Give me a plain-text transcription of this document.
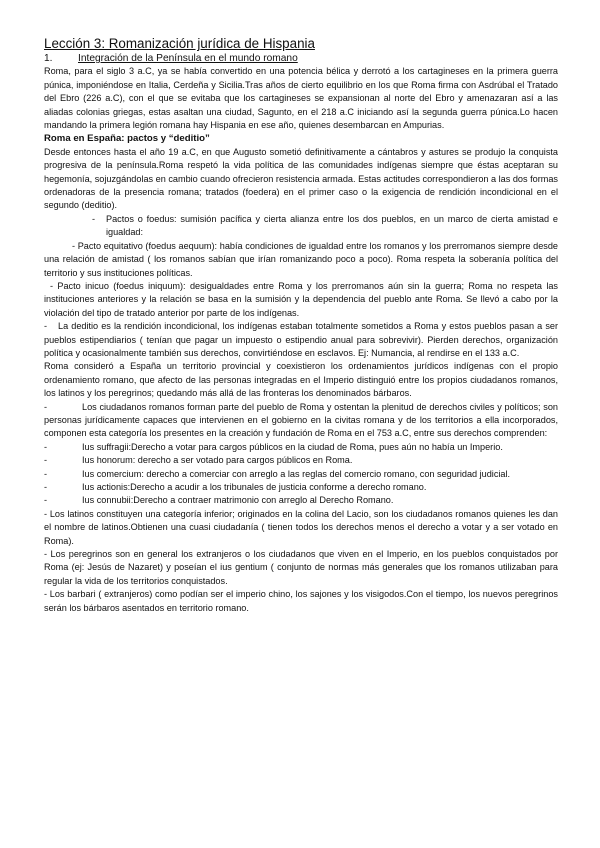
Lección 3: Romanización jurídica de Hispania
1.	Integración de la Península en el mundo romano

Roma, para el siglo 3 a.C, ya se había convertido en una potencia bélica y derrotó a los cartagineses en la primera guerra púnica, imponiéndose en Italia, Cerdeña y Sicilia.Tras años de cierto equilibrio en los que Roma firma con Asdrúbal el Tratado del Ebro (226 a.C), con el que se evitaba que los cartagineses se expansionan al norte del Ebro y amenazaran así a las aliadas colonias griegas, estas asaltan una ciudad, Sagunto, en el 218 a.C iniciando así la segunda guerra púnica.Lo hacen mandando la primera legión romana hay Hispania en ese año, quienes desembarcan en Ampurias.

Roma en España: pactos y “deditio”

Desde entonces hasta el año 19 a.C, en que Augusto sometió definitivamente a cántabros y astures se produjo la conquista progresiva de la península.Roma respetó la vida política de las comunidades indígenas siempre que éstas aceptaran su hegemonía, sojuzgándolas en cambio cuando ofrecieron resistencia armada. Estas actitudes correspondieron a las dos formas ordenadoras de la presencia romana; tratados (foedera) en el primer caso o la exigencia de rendición incondicional en el segundo (deditio).

- Pactos o foedus: sumisión pacífica y cierta alianza entre los dos pueblos, en un marco de cierta amistad e igualdad:
- Pacto equitativo (foedus aequum): había condiciones de igualdad entre los romanos y los prerromanos siempre desde una relación de amistad ( los romanos sabían que irían romanizando poco a poco). Roma respeta la soberanía política del territorio y sus instituciones políticas.
- Pacto inicuo (foedus iniquum): desigualdades entre Roma y los prerromanos aún sin la guerra; Roma no respeta las instituciones anteriores y la relación se basa en la sumisión y la dependencia del pueblo ante Roma. Se llevó a cabo por la violación del tipo de tratado anterior por parte de los indígenas.
- La deditio es la rendición incondicional, los indígenas estaban totalmente sometidos a Roma y estos pueblos pasan a ser pueblos estipendiarios ( tenían que pagar un impuesto o estipendio anual para sobrevivir). Pierden derechos, organización política y ocasionalmente también sus derechos, convirtiéndose en esclavos. Ej: Numancia, al rendirse en el 133 a.C.

Roma consideró a España un territorio provincial y coexistieron los ordenamientos jurídicos indígenas con el propio ordenamiento romano, que afecto de las personas integradas en el Imperio distinguió entre los propios ciudadanos romanos, los latinos y los peregrinos; quedando más allá de las fronteras los denominados bárbaros.

-	Los ciudadanos romanos forman parte del pueblo de Roma y ostentan la plenitud de derechos civiles y políticos; son personas jurídicamente capaces que intervienen en el gobierno en la civitas romana y de los territorios a ella incorporados, componen esta categoría los presentes en la creación y fundación de Roma en el 753 a.C, entre sus derechos comprenden:
-	Ius suffragii:Derecho a votar para cargos públicos en la ciudad de Roma, pues aún no había un Imperio.
-	Ius honorum: derecho a ser votado para cargos públicos en Roma.
-	Ius comercium: derecho a comerciar con arreglo a las reglas del comercio romano, con seguridad judicial.
-	Ius actionis:Derecho a acudir a los tribunales de justicia conforme a derecho romano.
-	Ius connubii:Derecho a contraer matrimonio con arreglo al Derecho Romano.
- Los latinos constituyen una categoría inferior; originados en la colina del Lacio, son los ciudadanos romanos quienes les dan el nombre de latinos.Obtienen una cuasi ciudadanía ( tienen todos los derechos menos el derecho a votar y a ser votado en Roma).
- Los peregrinos son en general los extranjeros o los ciudadanos que viven en el Imperio, en los pueblos conquistados por Roma (ej: Jesús de Nazaret) y poseían el ius gentium ( conjunto de normas más generales que los romanos utilizaban para regular la vida de los territorios conquistados.
- Los barbari ( extranjeros) como podían ser el imperio chino, los sajones y los visigodos.Con el tiempo, los nuevos peregrinos serán los bárbaros asentados en territorio romano.
